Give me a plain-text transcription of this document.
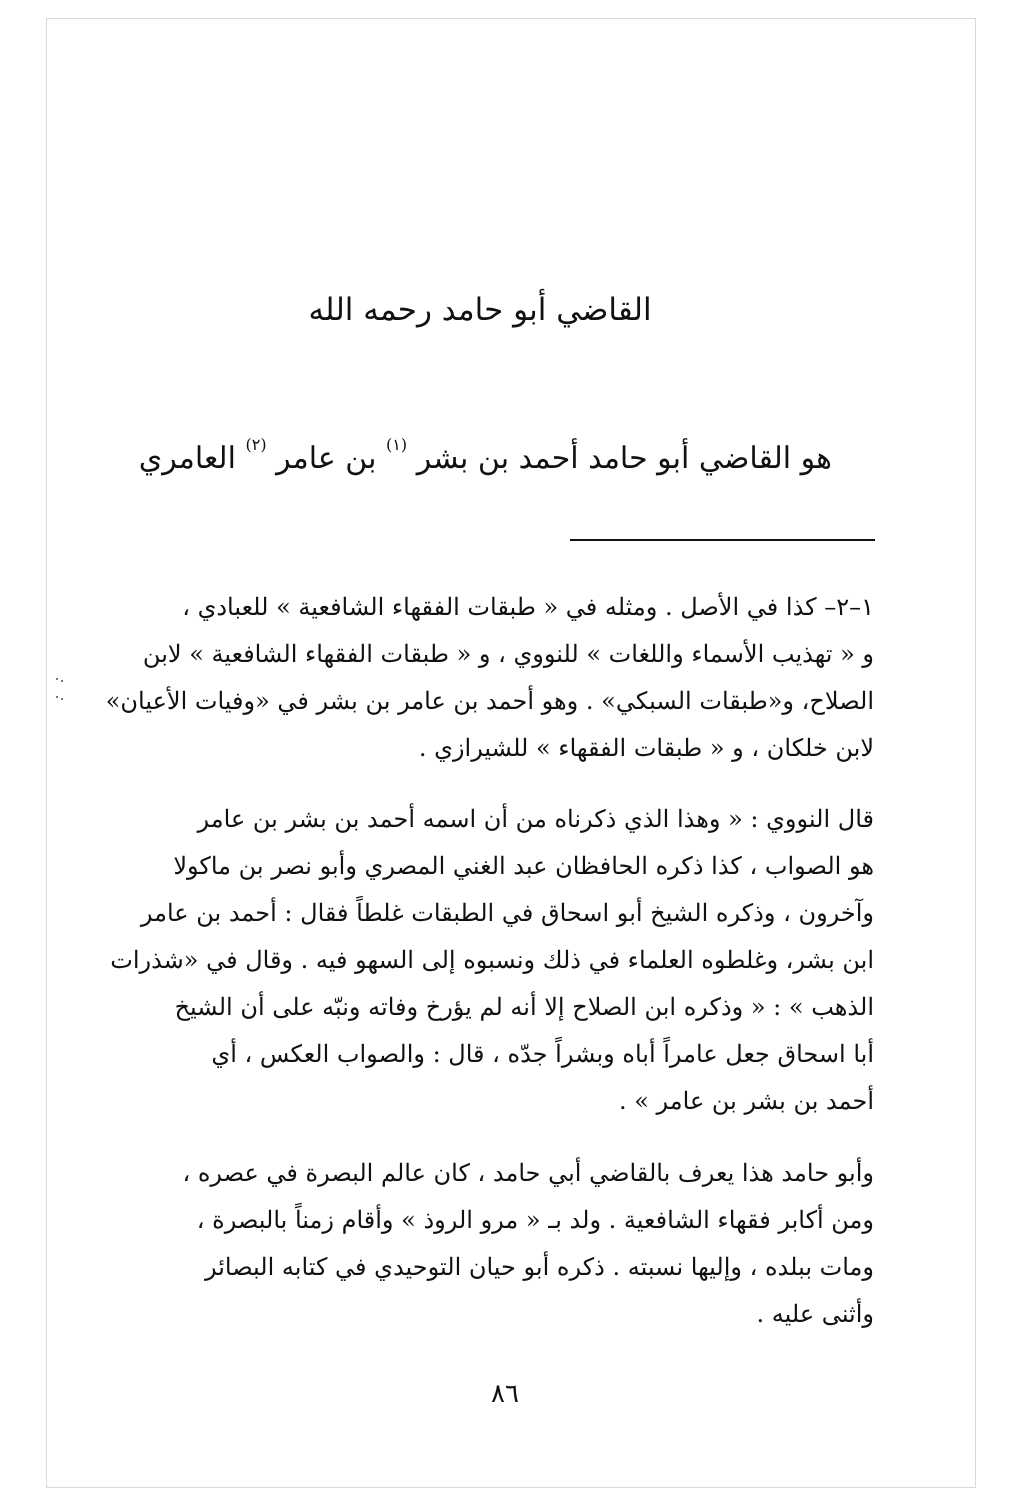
القاضي أبو حامد رحمه الله
هو القاضي أبو حامد أحمد بن بشر $^{(١)}$ بن عامر $^{(٢)}$ العامري
١–٢– كذا في الأصل . ومثله في « طبقات الفقهاء الشافعية » للعبادي ،
و « تهذيب الأسماء واللغات » للنووي ، و « طبقات الفقهاء الشافعية » لابن
الصلاح، و«طبقات السبكي» . وهو أحمد بن عامر بن بشر في «وفيات الأعيان»
لابن خلكان ، و « طبقات الفقهاء » للشيرازي .
قال النووي : « وهذا الذي ذكرناه من أن اسمه أحمد بن بشر بن عامر
هو الصواب ، كذا ذكره الحافظان عبد الغني المصري وأبو نصر بن ماكولا
وآخرون ، وذكره الشيخ أبو اسحاق في الطبقات غلطاً فقال : أحمد بن عامر
ابن بشر، وغلطوه العلماء في ذلك ونسبوه إلى السهو فيه . وقال في «شذرات
الذهب » : « وذكره ابن الصلاح إلا أنه لم يؤرخ وفاته ونبّه على أن الشيخ
أبا اسحاق جعل عامراً أباه وبشراً جدّه ، قال : والصواب العكس ، أي
أحمد بن بشر بن عامر » .
وأبو حامد هذا يعرف بالقاضي أبي حامد ، كان عالم البصرة في عصره ،
ومن أكابر فقهاء الشافعية . ولد بـ « مرو الروذ » وأقام زمناً بالبصرة ،
ومات ببلده ، وإليها نسبته . ذكره أبو حيان التوحيدي في كتابه البصائر
وأثنى عليه .
٨٦
